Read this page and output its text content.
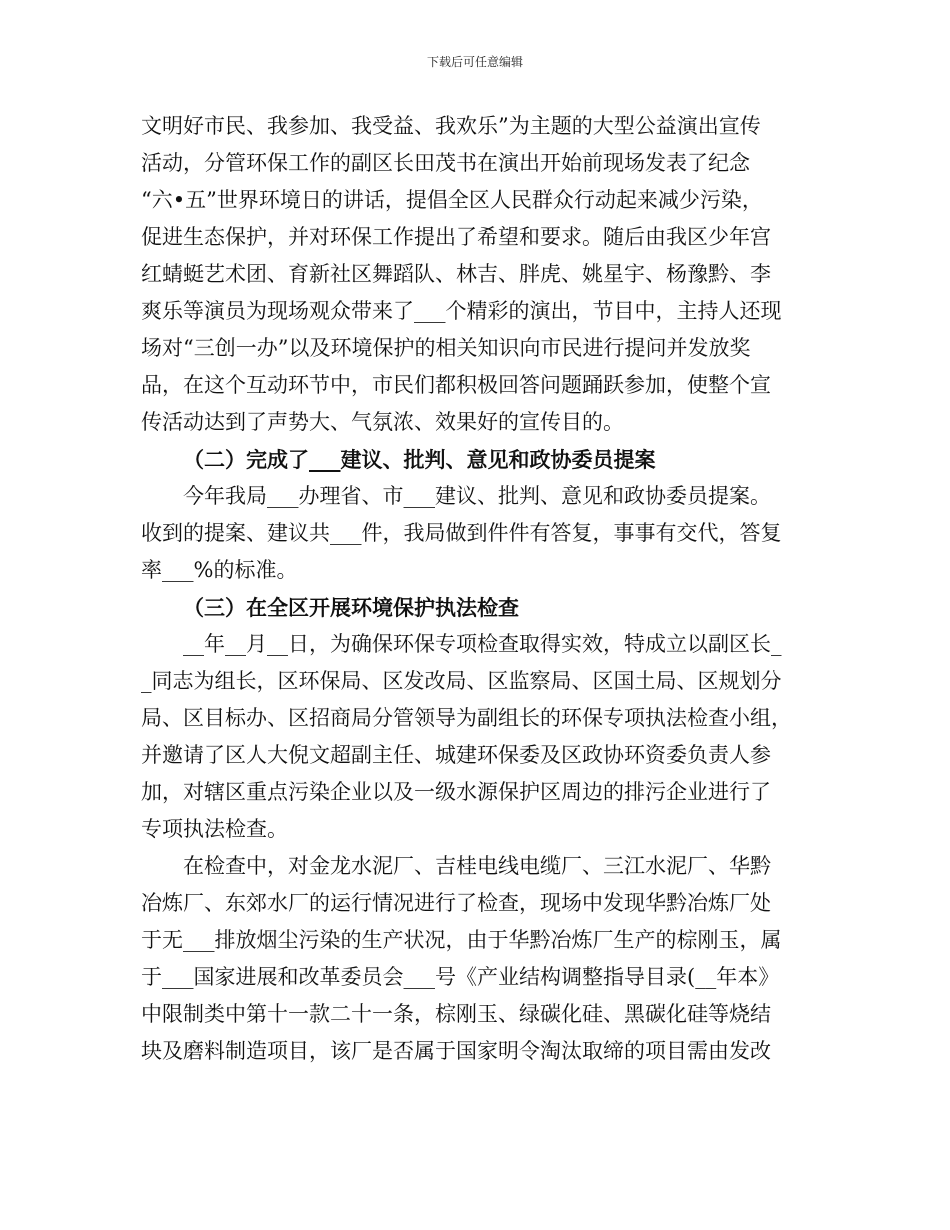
下载后可任意编辑
文明好市民、我参加、我受益、我欢乐”为主题的大型公益演出宣传
活动，分管环保工作的副区长田茂书在演出开始前现场发表了纪念
“六•五”世界环境日的讲话，提倡全区人民群众行动起来减少污染，
促进生态保护，并对环保工作提出了希望和要求。随后由我区少年宫
红蜻蜓艺术团、育新社区舞蹈队、林吉、胖虎、姚星宇、杨豫黔、李
爽乐等演员为现场观众带来了___个精彩的演出，节目中，主持人还现
场对“三创一办”以及环境保护的相关知识向市民进行提问并发放奖
品，在这个互动环节中，市民们都积极回答问题踊跃参加，使整个宣
传活动达到了声势大、气氛浓、效果好的宣传目的。
（二）完成了___建议、批判、意见和政协委员提案
今年我局___办理省、市___建议、批判、意见和政协委员提案。
收到的提案、建议共___件，我局做到件件有答复，事事有交代，答复
率___%的标准。
（三）在全区开展环境保护执法检查
__年__月__日，为确保环保专项检查取得实效，特成立以副区长_
_同志为组长，区环保局、区发改局、区监察局、区国土局、区规划分
局、区目标办、区招商局分管领导为副组长的环保专项执法检查小组，
并邀请了区人大倪文超副主任、城建环保委及区政协环资委负责人参
加，对辖区重点污染企业以及一级水源保护区周边的排污企业进行了
专项执法检查。
在检查中，对金龙水泥厂、吉桂电线电缆厂、三江水泥厂、华黔
冶炼厂、东郊水厂的运行情况进行了检查，现场中发现华黔冶炼厂处
于无___排放烟尘污染的生产状况，由于华黔冶炼厂生产的棕刚玉，属
于___国家进展和改革委员会___号《产业结构调整指导目录(__年本》
中限制类中第十一款二十一条，棕刚玉、绿碳化硅、黑碳化硅等烧结
块及磨料制造项目，该厂是否属于国家明令淘汰取缔的项目需由发改
